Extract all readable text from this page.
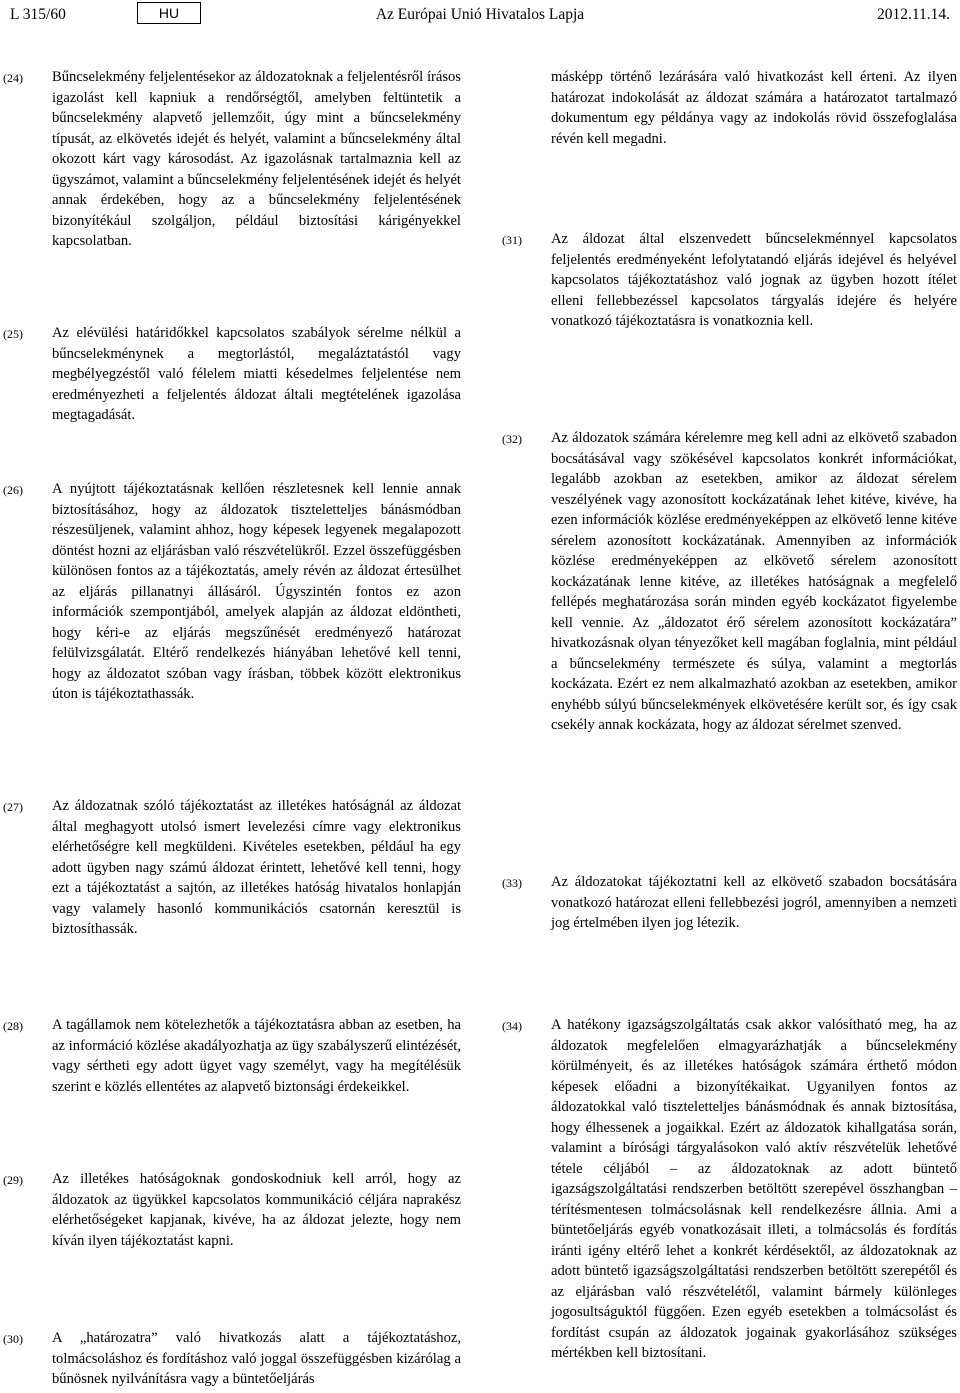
L 315/60	HU	Az Európai Unió Hivatalos Lapja	2012.11.14.
(24) Bűncselekmény feljelentésekor az áldozatoknak a feljelentésről írásos igazolást kell kapniuk a rendőrségtől, amelyben feltüntetik a bűncselekmény alapvető jellemzőit, úgy mint a bűncselekmény típusát, az elkövetés idejét és helyét, valamint a bűncselekmény által okozott kárt vagy károsodást. Az igazolásnak tartalmaznia kell az ügyszámot, valamint a bűncselekmény feljelentésének idejét és helyét annak érdekében, hogy az a bűncselekmény feljelentésének bizonyítékául szolgáljon, például biztosítási kárigényekkel kapcsolatban.
(25) Az elévülési határidőkkel kapcsolatos szabályok sérelme nélkül a bűncselekménynek a megtorlástól, megaláztatástól vagy megbélyegzéstől való félelem miatti késedelmes feljelentése nem eredményezheti a feljelentés áldozat általi megtételének igazolása megtagadását.
(26) A nyújtott tájékoztatásnak kellően részletesnek kell lennie annak biztosításához, hogy az áldozatok tiszteletteljes bánásmódban részesüljenek, valamint ahhoz, hogy képesek legyenek megalapozott döntést hozni az eljárásban való részvételükről. Ezzel összefüggésben különösen fontos az a tájékoztatás, amely révén az áldozat értesülhet az eljárás pillanatnyi állásáról. Úgyszintén fontos ez azon információk szempontjából, amelyek alapján az áldozat eldöntheti, hogy kéri-e az eljárás megszűnését eredményező határozat felülvizsgálatát. Eltérő rendelkezés hiányában lehetővé kell tenni, hogy az áldozatot szóban vagy írásban, többek között elektronikus úton is tájékoztathassák.
(27) Az áldozatnak szóló tájékoztatást az illetékes hatóságnál az áldozat által meghagyott utolsó ismert levelezési címre vagy elektronikus elérhetőségre kell megküldeni. Kivételes esetekben, például ha egy adott ügyben nagy számú áldozat érintett, lehetővé kell tenni, hogy ezt a tájékoztatást a sajtón, az illetékes hatóság hivatalos honlapján vagy valamely hasonló kommunikációs csatornán keresztül is biztosíthassák.
másképp történő lezárására való hivatkozást kell érteni. Az ilyen határozat indokolását az áldozat számára a határozatot tartalmazó dokumentum egy példánya vagy az indokolás rövid összefoglalása révén kell megadni.
(31) Az áldozat által elszenvedett bűncselekménnyel kapcsolatos feljelentés eredményeként lefolytatandó eljárás idejével és helyével kapcsolatos tájékoztatáshoz való jognak az ügyben hozott ítélet elleni fellebbezéssel kapcsolatos tárgyalás idejére és helyére vonatkozó tájékoztatásra is vonatkoznia kell.
(32) Az áldozatok számára kérelemre meg kell adni az elkövető szabadon bocsátásával vagy szökésével kapcsolatos konkrét információkat, legalább azokban az esetekben, amikor az áldozat sérelem veszélyének vagy azonosított kockázatának lehet kitéve, kivéve, ha ezen információk közlése eredményeképpen az elkövető lenne kitéve sérelem azonosított kockázatának. Amennyiben az információk közlése eredményeképpen az elkövető sérelem azonosított kockázatának lenne kitéve, az illetékes hatóságnak a megfelelő fellépés meghatározása során minden egyéb kockázatot figyelembe kell vennie. Az „áldozatot érő sérelem azonosított kockázatára” hivatkozásnak olyan tényezőket kell magában foglalnia, mint például a bűncselekmény természete és súlya, valamint a megtorlás kockázata. Ezért ez nem alkalmazható azokban az esetekben, amikor enyhébb súlyú bűncselekmények elkövetésére került sor, és így csak csekély annak kockázata, hogy az áldozat sérelmet szenved.
(33) Az áldozatokat tájékoztatni kell az elkövető szabadon bocsátására vonatkozó határozat elleni fellebbezési jogról, amennyiben a nemzeti jog értelmében ilyen jog létezik.
(28) A tagállamok nem kötelezhetők a tájékoztatásra abban az esetben, ha az információ közlése akadályozhatja az ügy szabályszerű elintézését, vagy sértheti egy adott ügyet vagy személyt, vagy ha megítélésük szerint e közlés ellentétes az alapvető biztonsági érdekeikkel.
(29) Az illetékes hatóságoknak gondoskodniuk kell arról, hogy az áldozatok az ügyükkel kapcsolatos kommunikáció céljára naprakész elérhetőségeket kapjanak, kivéve, ha az áldozat jelezte, hogy nem kíván ilyen tájékoztatást kapni.
(30) A „határozatra” való hivatkozás alatt a tájékoztatáshoz, tolmácsoláshoz és fordításhoz való joggal összefüggésben kizárólag a bűnösnek nyilvánításra vagy a büntetőeljárás
(34) A hatékony igazságszolgáltatás csak akkor valósítható meg, ha az áldozatok megfelelően elmagyarázhatják a bűncselekmény körülményeit, és az illetékes hatóságok számára érthető módon képesek előadni a bizonyítékaikat. Ugyanilyen fontos az áldozatokkal való tiszteletteljes bánásmódnak és annak biztosítása, hogy élhessenek a jogaikkal. Ezért az áldozatok kihallgatása során, valamint a bírósági tárgyalásokon való aktív részvételük lehetővé tétele céljából – az áldozatoknak az adott büntető igazságszolgáltatási rendszerben betöltött szerepével összhangban – térítésmentesen tolmácsolásnak kell rendelkezésre állnia. Ami a büntetőeljárás egyéb vonatkozásait illeti, a tolmácsolás és fordítás iránti igény eltérő lehet a konkrét kérdésektől, az áldozatoknak az adott büntető igazságszolgáltatási rendszerben betöltött szerepétől és az eljárásban való részvételétől, valamint bármely különleges jogosultságuktól függően. Ezen egyéb esetekben a tolmácsolást és fordítást csupán az áldozatok jogainak gyakorlásához szükséges mértékben kell biztosítani.
